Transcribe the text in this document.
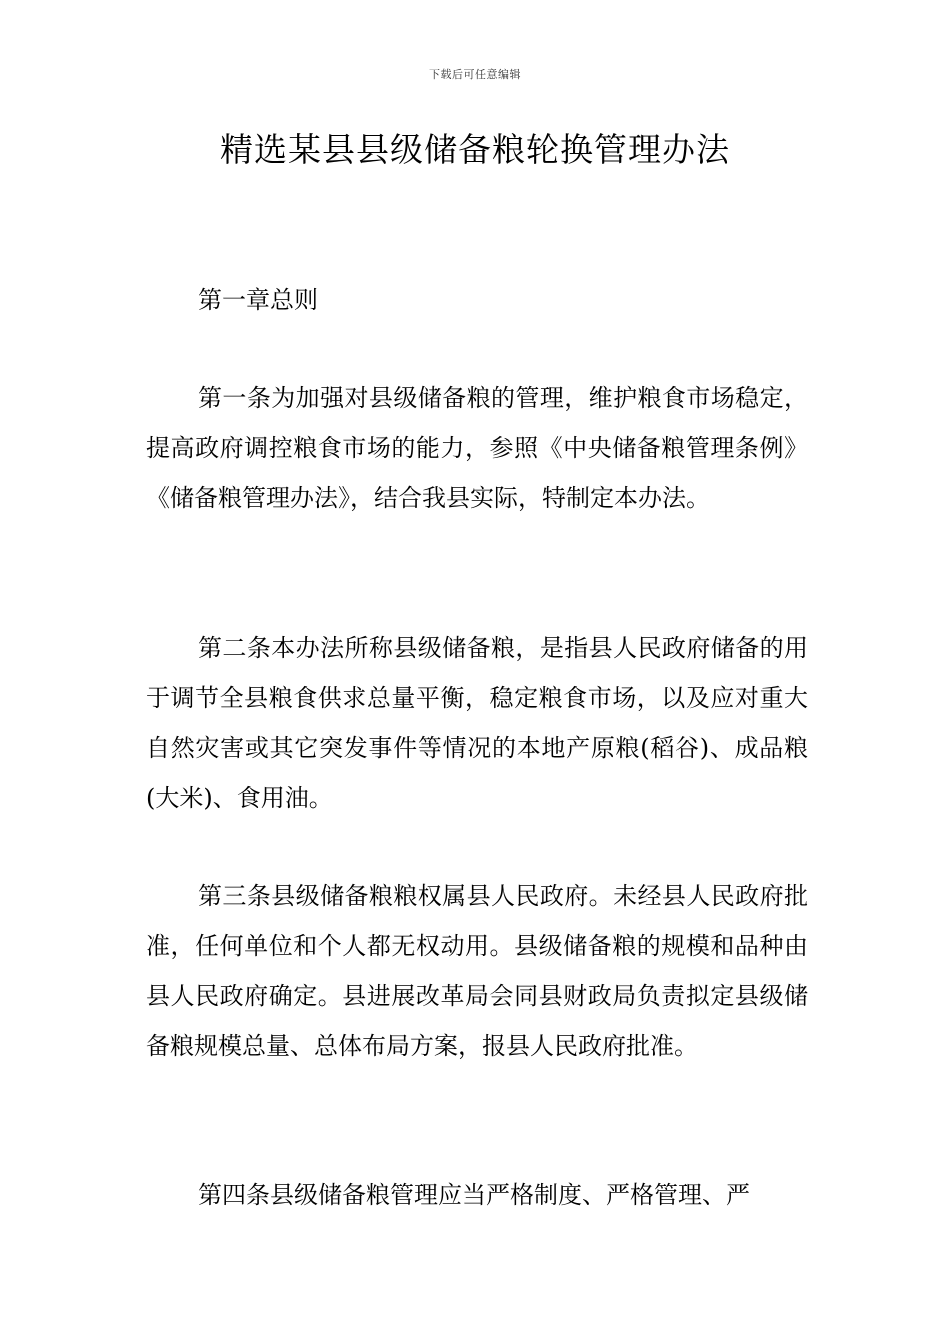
下载后可任意编辑
精选某县县级储备粮轮换管理办法

第一章总则

第一条为加强对县级储备粮的管理，维护粮食市场稳定，提高政府调控粮食市场的能力，参照《中央储备粮管理条例》《储备粮管理办法》，结合我县实际，特制定本办法。

第二条本办法所称县级储备粮，是指县人民政府储备的用于调节全县粮食供求总量平衡，稳定粮食市场，以及应对重大自然灾害或其它突发事件等情况的本地产原粮(稻谷)、成品粮(大米)、食用油。

第三条县级储备粮粮权属县人民政府。未经县人民政府批准，任何单位和个人都无权动用。县级储备粮的规模和品种由县人民政府确定。县进展改革局会同县财政局负责拟定县级储备粮规模总量、总体布局方案，报县人民政府批准。

第四条县级储备粮管理应当严格制度、严格管理、严
